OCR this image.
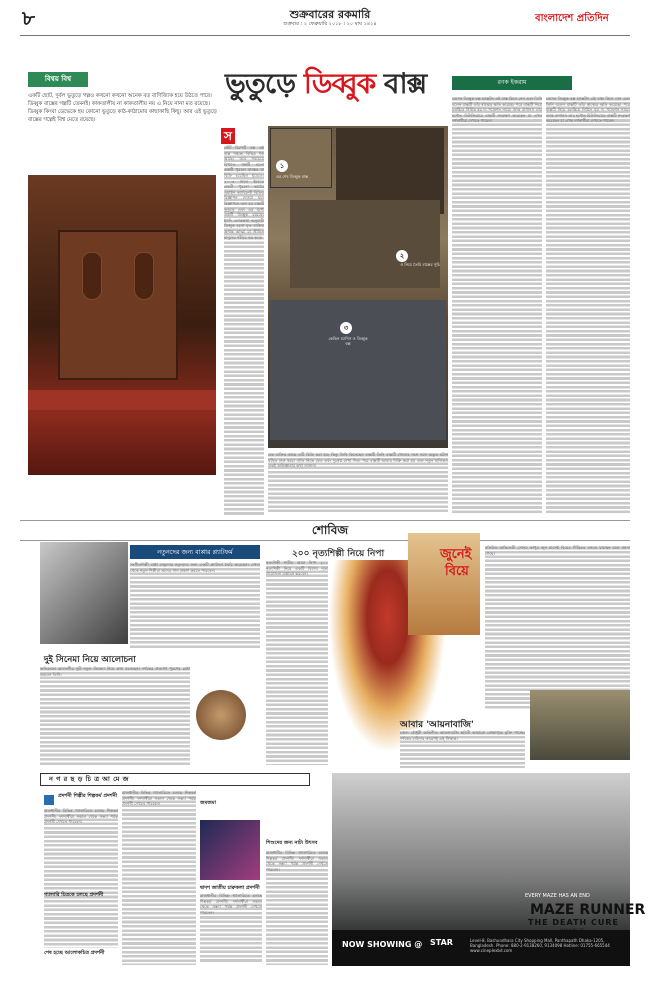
৮	শুক্রবারের রকমারি
শুক্রবার । ২ ফেব্রুয়ারি ২০১৮ । ২০ মাঘ ১৪২৪	বাংলাদেশ প্রতিদিন
বিশ্বয় বিশ্ব	ভুতুড়ে ডিব্বুক বাক্স	রণক ইকরাম
একটি ছোট, দুর্বল ভুতুড়ে গল্পও কখনো কখনো অনেক বড় বাণিজ্যিক হয়ে উঠতে পারে। ডিব্বুক বাক্সের গল্পটি তেমনই। কাকতালীয় না কাকতালীয় নয় এ নিয়ে নানা মত রয়েছে। ডিব্বুক কিংবা ডেভেকে হয় কোনো ভুতুড়ে কাঠ-কাঠামোর কাছাকাছি কিছু। আর এই ভুতুড়ে বাক্সের গল্পেই বিশ্ব মেতে রয়েছে।
স
স্টেট রিপোর্ট বক্স এই বাক্স সম্বন্ধে বিভিন্ন গল্প আছে। তবে সবচেয়ে বিখ্যাত গল্পটি হলো একটি পুরনো বাক্সের যা বিক্রি হয়েছিল ইবেতে। ২০০৩ সালে ইবেতে একটি পুরনো কাঠের ওয়াইন ক্যাবিনেট বিক্রির বিজ্ঞাপন দেওয়া হয়। বিজ্ঞাপনে বলা হয় বাক্সটি ভুতুড়ে এবং এর মধ্যে একটি ডিব্বুক রয়েছে। ইহুদি লোককথা অনুযায়ী ডিব্বুক হলো মৃত ব্যক্তির অশান্ত আত্মা যা জীবিত মানুষের শরীরে ভর করে।
১
এর শেষ ডিব্বুক বাক্স
২
ও নিয়ে তৈরি বাক্সের সূচি
৩
কেভিন ম্যানিস ও ডিব্বুক বক্স
এক ব্যক্তির কাছে এটি বিক্রি করা হয়। কিন্তু তিনি কিনেছেন বাক্সটি তিনি বাক্সটি খোলার সঙ্গে সঙ্গে অদ্ভুত ঘটনা ঘটতে শুরু করে। বাতি নিভে যেত এবং দুঃস্বপ্ন দেখা দিত। পরে বাক্সটি আবার বিক্রি করা হয় এবং নতুন মালিকও একই অভিজ্ঞতার কথা জানান।
জেসন ডিব্বুক বক্স হ্যাক্সটন এই বাক্স কিনে নেন এবং তিনি বলেন বাক্সটি তাঁর স্বাস্থ্যের ক্ষতি করেছে। পরে বাক্সটি নিয়ে চলচ্চিত্র নির্মিত হয় দ্য পজেশন নামে। জাক বাগানস তার হন্টেড মিউজিয়ামে বাক্সটি সংরক্ষণ করেছেন যা এখন দর্শনার্থীরা দেখতে পারেন।
জেসন ডিব্বুক বক্স হ্যাক্সটন এই বাক্স কিনে নেন এবং তিনি বলেন বাক্সটি তাঁর স্বাস্থ্যের ক্ষতি করেছে। পরে বাক্সটি নিয়ে চলচ্চিত্র নির্মিত হয় দ্য পজেশন নামে। জাক বাগানস তার হন্টেড মিউজিয়ামে বাক্সটি সংরক্ষণ করেছেন যা এখন দর্শনার্থীরা দেখতে পারেন।
শোবিজ
নতুনদের জন্য বাপ্পার প্ল্যাটফর্ম
সংগীতশিল্পী বাপ্পা মজুমদার নতুনদের জন্য একটি প্ল্যাটফর্ম তৈরি করেছেন। এখান থেকে নতুন শিল্পীরা তাদের গান প্রকাশ করতে পারবেন।
২০০ নৃত্যশিল্পী নিয়ে নিপা
নৃত্যশিল্পী শামীম আরা নিপা ২০০ নৃত্যশিল্পী নিয়ে একটি বিশেষ নৃত্য প্রযোজনা মঞ্চায়ন করবেন।
জুনেই
বিয়ে
বলিউড অভিনেত্রী সোনম কাপুর জুন মাসেই বিয়ের পিঁড়িতে বসতে যাচ্ছেন বলে জানা গেছে।
দুই সিনেমা নিয়ে আলোচনা
অভিনেতা আলমগীর দুটি নতুন সিনেমা নিয়ে কথা বলেছেন। দর্শকের প্রত্যাশা পূরণের চেষ্টা করবেন তিনি।
আবার 'আয়নাবাজি'
চঞ্চল চৌধুরী অভিনীত আয়নাবাজি ছবিটি আবারো প্রেক্ষাগৃহে মুক্তি পাচ্ছে। দর্শকের চাহিদার কারণেই এই সিদ্ধান্ত।
ন গ র ছ ড় চি ত্র আ মে জ
প্রদর্শনী শিল্পীর শিল্পকর্ম প্রদর্শনী
রাজধানীর বিভিন্ন গ্যালারিতে চলছে শিল্পকর্ম প্রদর্শনী। দর্শনার্থীরা সকাল থেকে সন্ধ্যা পর্যন্ত প্রদর্শনী দেখতে পারবেন।
গ্যালারি চিত্রকে চলছে প্রদর্শনী
শেষ হচ্ছে আলোকচিত্র প্রদর্শনী
রাজধানীর বিভিন্ন গ্যালারিতে চলছে শিল্পকর্ম প্রদর্শনী। দর্শনার্থীরা সকাল থেকে সন্ধ্যা পর্যন্ত প্রদর্শনী দেখতে পারবেন।	জমজমা
দ্বাদশ জাতীয় চারুকলা প্রদর্শনী
রাজধানীর বিভিন্ন গ্যালারিতে চলছে শিল্পকর্ম প্রদর্শনী। দর্শনার্থীরা সকাল থেকে সন্ধ্যা পর্যন্ত প্রদর্শনী দেখতে পারবেন।
শিশুদের জন্য নাট্য উৎসব
রাজধানীর বিভিন্ন গ্যালারিতে চলছে শিল্পকর্ম প্রদর্শনী। দর্শনার্থীরা সকাল থেকে সন্ধ্যা পর্যন্ত প্রদর্শনী দেখতে পারবেন।
EVERY MAZE HAS AN END
MAZE RUNNER
THE DEATH CURE
NOW SHOWING @ STAR	Level-8, Bashundhara City Shopping Mall, Panthapath Dhaka-1205, Bangladesh. Phone: 880-2-9138260, 9134098 Hotline: 01755-665544 www.cineplexbd.com
